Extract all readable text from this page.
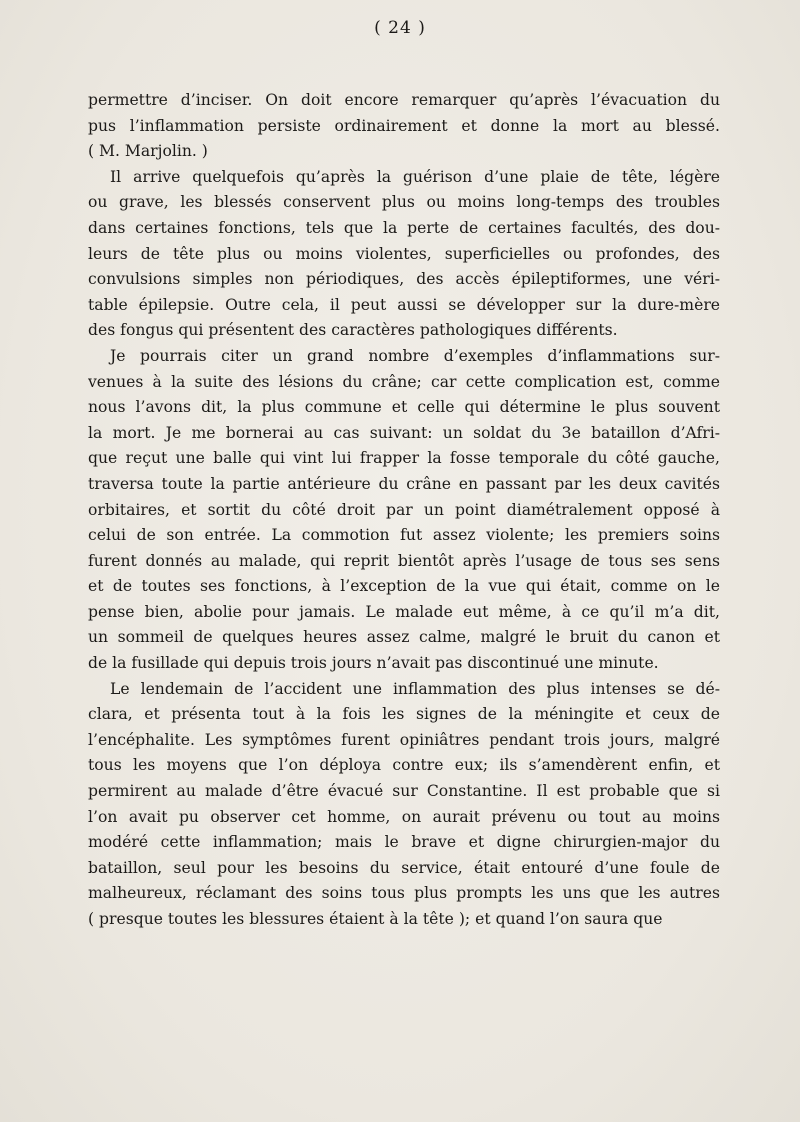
( 24 )

permettre d’inciser. On doit encore remarquer qu’après l’évacuation du
pus l’inflammation persiste ordinairement et donne la mort au blessé.
( M. Marjolin. )

Il arrive quelquefois qu’après la guérison d’une plaie de tête, légère
ou grave, les blessés conservent plus ou moins long-temps des troubles
dans certaines fonctions, tels que la perte de certaines facultés, des dou-
leurs de tête plus ou moins violentes, superficielles ou profondes, des
convulsions simples non périodiques, des accès épileptiformes, une véri-
table épilepsie. Outre cela, il peut aussi se développer sur la dure-mère
des fongus qui présentent des caractères pathologiques différents.

Je pourrais citer un grand nombre d’exemples d’inflammations sur-
venues à la suite des lésions du crâne; car cette complication est, comme
nous l’avons dit, la plus commune et celle qui détermine le plus souvent
la mort. Je me bornerai au cas suivant: un soldat du 3e bataillon d’Afri-
que reçut une balle qui vint lui frapper la fosse temporale du côté gauche,
traversa toute la partie antérieure du crâne en passant par les deux cavités
orbitaires, et sortit du côté droit par un point diamétralement opposé à
celui de son entrée. La commotion fut assez violente; les premiers soins
furent donnés au malade, qui reprit bientôt après l’usage de tous ses sens
et de toutes ses fonctions, à l’exception de la vue qui était, comme on le
pense bien, abolie pour jamais. Le malade eut même, à ce qu’il m’a dit,
un sommeil de quelques heures assez calme, malgré le bruit du canon et
de la fusillade qui depuis trois jours n’avait pas discontinué une minute.

Le lendemain de l’accident une inflammation des plus intenses se dé-
clara, et présenta tout à la fois les signes de la méningite et ceux de
l’encéphalite. Les symptômes furent opiniâtres pendant trois jours, malgré
tous les moyens que l’on déploya contre eux; ils s’amendèrent enfin, et
permirent au malade d’être évacué sur Constantine. Il est probable que si
l’on avait pu observer cet homme, on aurait prévenu ou tout au moins
modéré cette inflammation; mais le brave et digne chirurgien-major du
bataillon, seul pour les besoins du service, était entouré d’une foule de
malheureux, réclamant des soins tous plus prompts les uns que les autres
( presque toutes les blessures étaient à la tête ); et quand l’on saura que
